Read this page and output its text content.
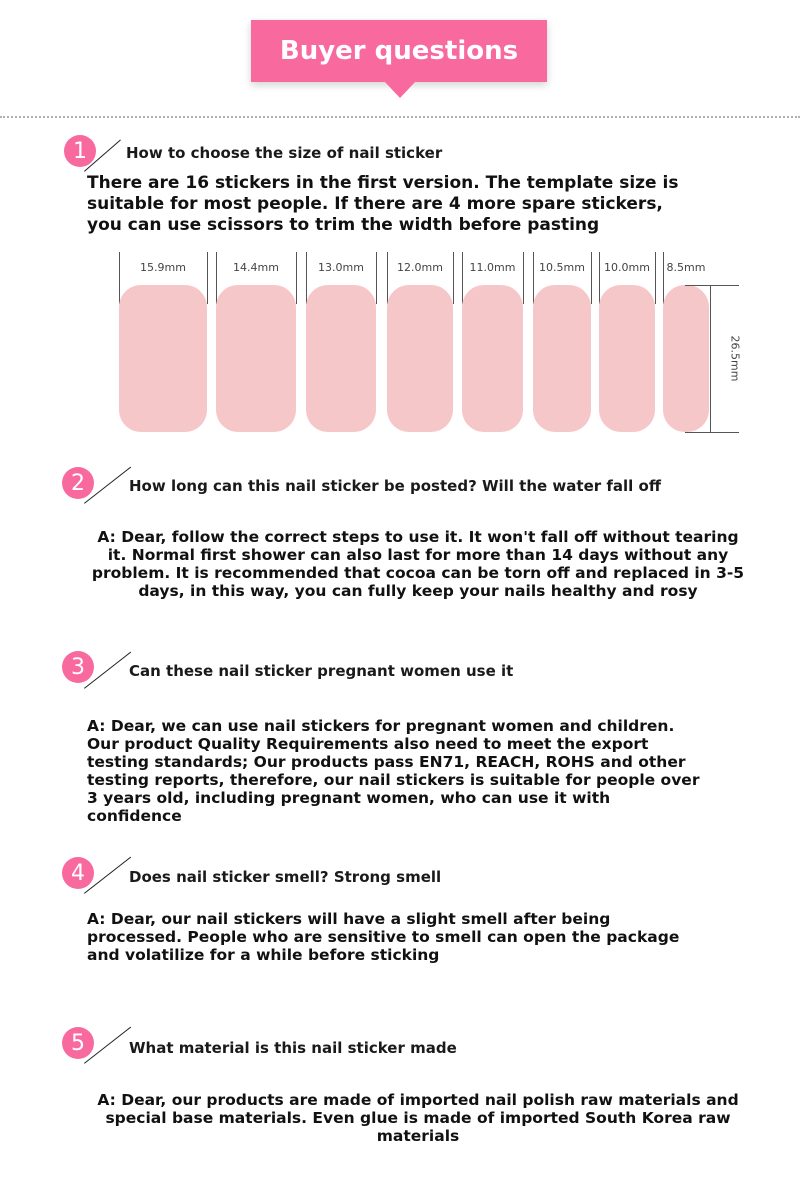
Buyer questions
1	How to choose the size of nail sticker
There are 16 stickers in the first version. The template size is suitable for most people. If there are 4 more spare stickers, you can use scissors to trim the width before pasting
15.9mm	14.4mm	13.0mm	12.0mm	11.0mm	10.5mm	10.0mm	8.5mm
26.5mm
2	How long can this nail sticker be posted? Will the water fall off
A: Dear, follow the correct steps to use it. It won't fall off without tearing it. Normal first shower can also last for more than 14 days without any problem. It is recommended that cocoa can be torn off and replaced in 3-5 days, in this way, you can fully keep your nails healthy and rosy
3	Can these nail sticker pregnant women use it
A: Dear, we can use nail stickers for pregnant women and children. Our product Quality Requirements also need to meet the export testing standards; Our products pass EN71, REACH, ROHS and other testing reports, therefore, our nail stickers is suitable for people over 3 years old, including pregnant women, who can use it with confidence
4	Does nail sticker smell? Strong smell
A: Dear, our nail stickers will have a slight smell after being processed. People who are sensitive to smell can open the package and volatilize for a while before sticking
5	What material is this nail sticker made
A: Dear, our products are made of imported nail polish raw materials and special base materials. Even glue is made of imported South Korea raw materials
